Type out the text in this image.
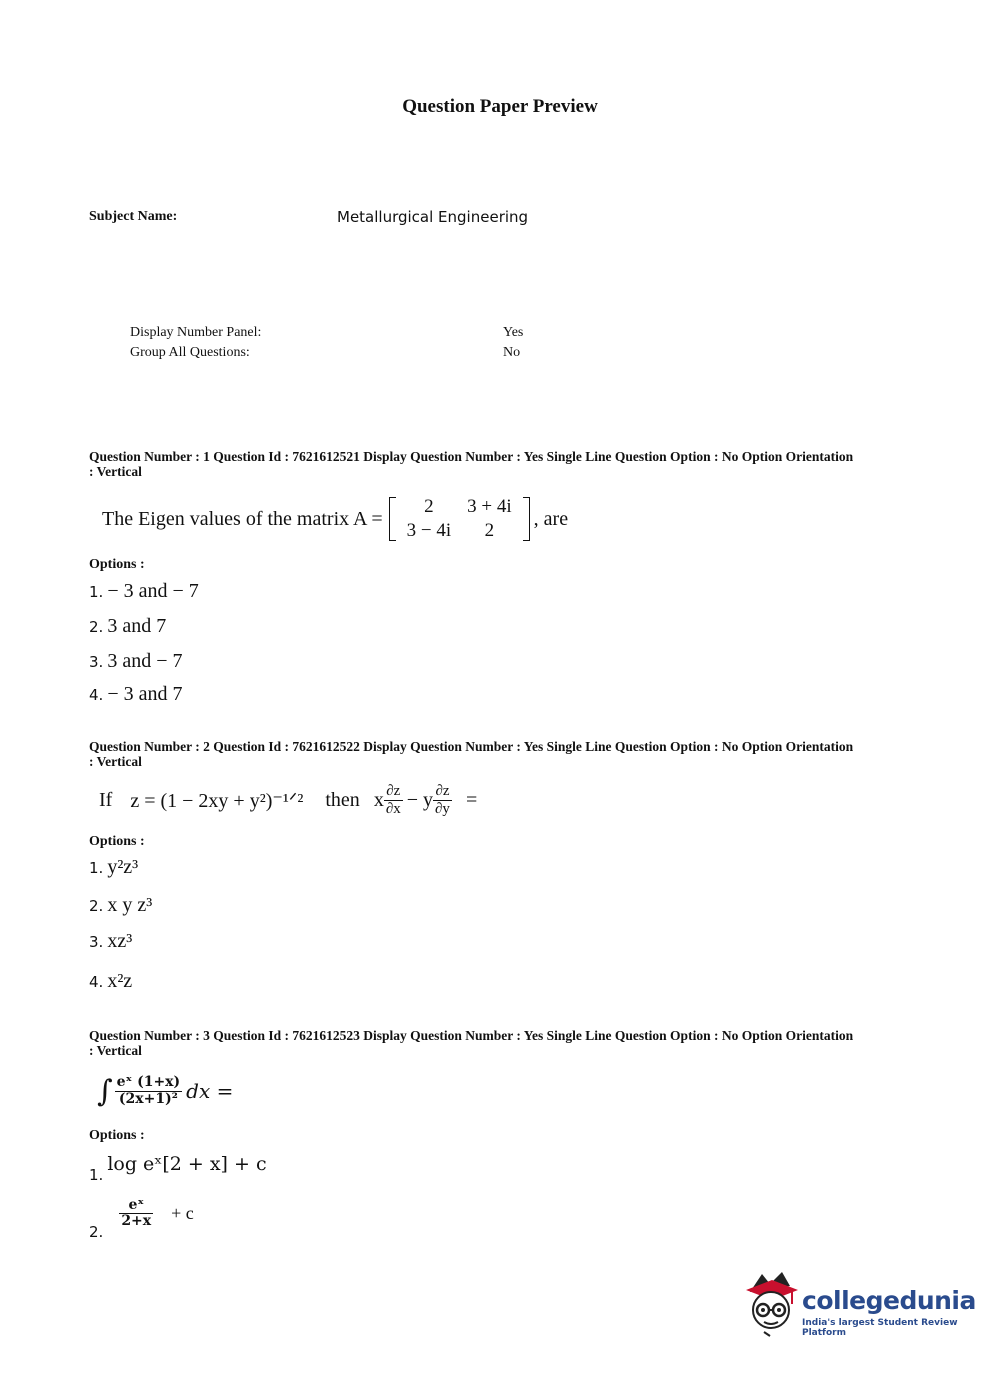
Question Paper Preview
Subject Name:	Metallurgical Engineering
Display Number Panel:	Yes
Group All Questions:	No
Question Number : 1 Question Id : 7621612521 Display Question Number : Yes Single Line Question Option : No Option Orientation : Vertical
The Eigen values of the matrix A =
2	3 + 4i
3 − 4i	2
, are
Options :
1. − 3 and − 7
2. 3 and 7
3. 3 and − 7
4. − 3 and 7
Question Number : 2 Question Id : 7621612522 Display Question Number : Yes Single Line Question Option : No Option Orientation : Vertical
If z = (1 − 2xy + y²)⁻¹ᐟ² then x $\frac{\partial z}{\partial x} - y \frac{\partial z}{\partial y}$ =
Options :
1. y²z³
2. x y z³
3. xz³
4. x²z
Question Number : 3 Question Id : 7621612523 Display Question Number : Yes Single Line Question Option : No Option Orientation : Vertical
∫ $\frac{\text{eˣ (1+x)}}{\text{(2x+1)²}}$ dx =
Options :
1. log eˣ[2 + x] + c
2.
$\frac{\text{eˣ}}{2+x} + c$
collegedunia
India's largest Student Review Platform
